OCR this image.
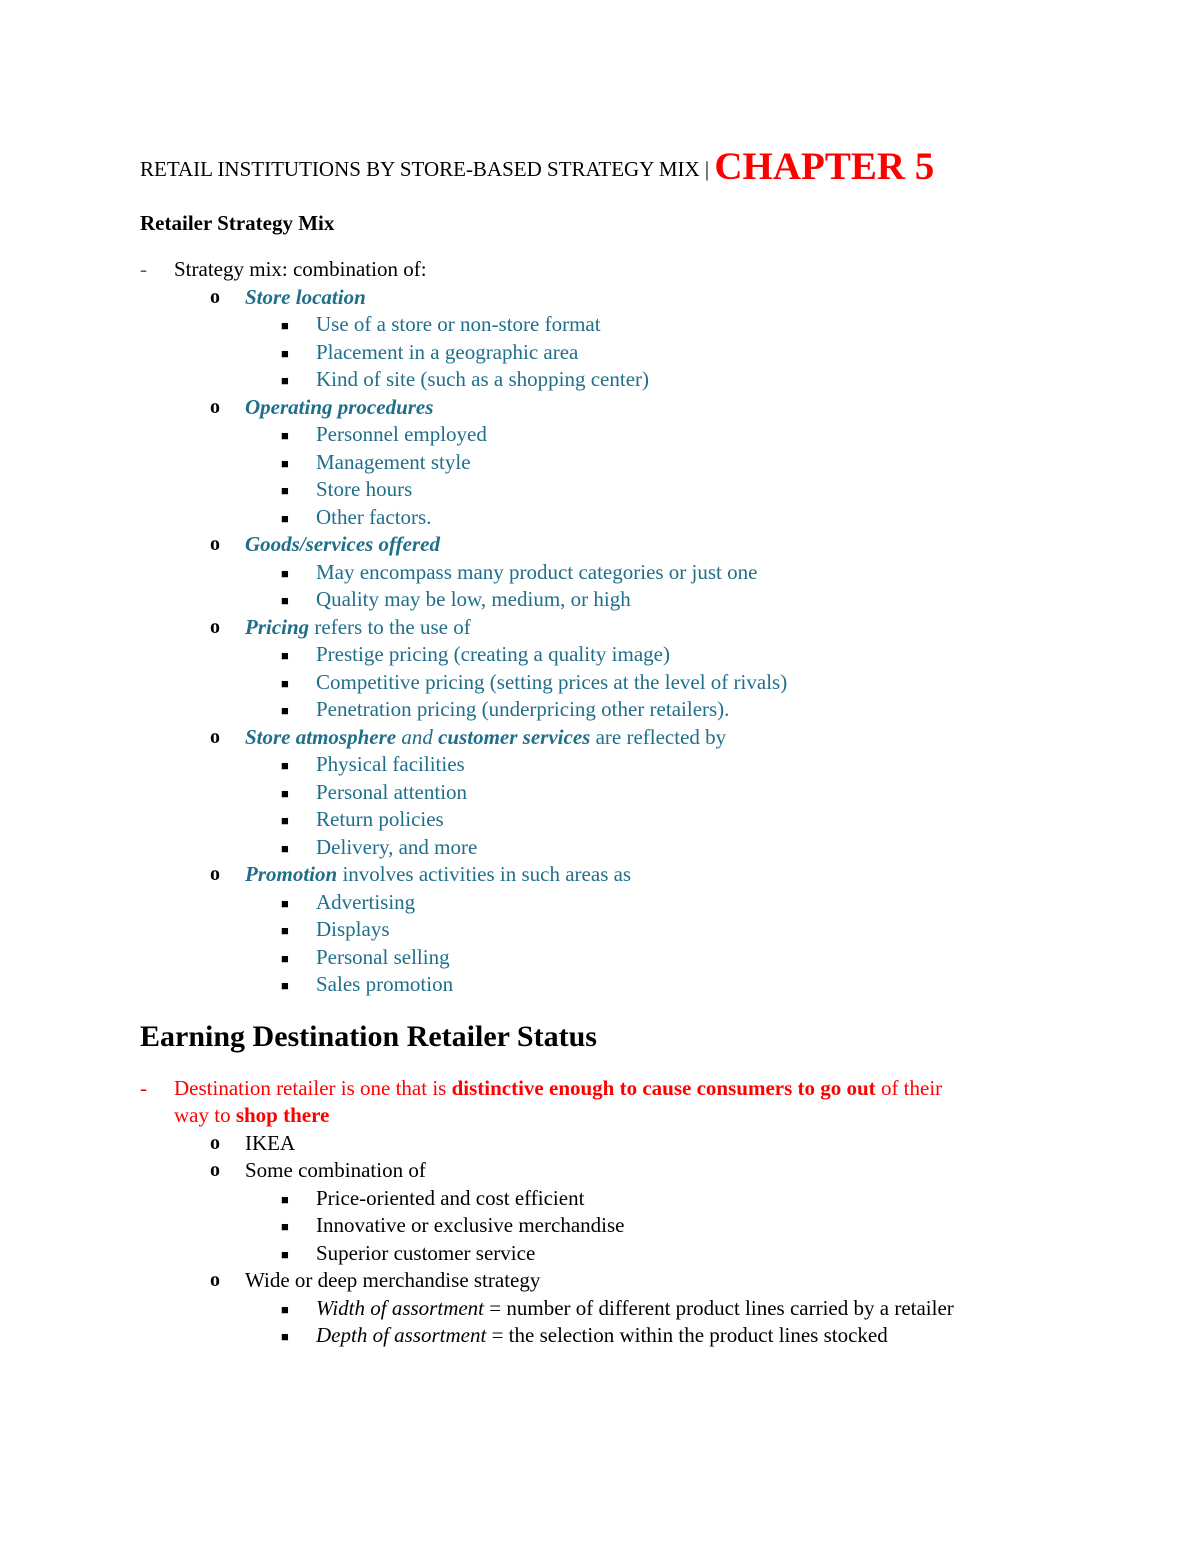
RETAIL INSTITUTIONS BY STORE-BASED STRATEGY MIX | CHAPTER 5
Retailer Strategy Mix
- Strategy mix: combination of:
o Store location
■ Use of a store or non-store format
■ Placement in a geographic area
■ Kind of site (such as a shopping center)
o Operating procedures
■ Personnel employed
■ Management style
■ Store hours
■ Other factors.
o Goods/services offered
■ May encompass many product categories or just one
■ Quality may be low, medium, or high
o Pricing refers to the use of
■ Prestige pricing (creating a quality image)
■ Competitive pricing (setting prices at the level of rivals)
■ Penetration pricing (underpricing other retailers).
o Store atmosphere and customer services are reflected by
■ Physical facilities
■ Personal attention
■ Return policies
■ Delivery, and more
o Promotion involves activities in such areas as
■ Advertising
■ Displays
■ Personal selling
■ Sales promotion
Earning Destination Retailer Status
- Destination retailer is one that is distinctive enough to cause consumers to go out of their
way to shop there
o IKEA
o Some combination of
■ Price-oriented and cost efficient
■ Innovative or exclusive merchandise
■ Superior customer service
o Wide or deep merchandise strategy
■ Width of assortment = number of different product lines carried by a retailer
■ Depth of assortment = the selection within the product lines stocked
